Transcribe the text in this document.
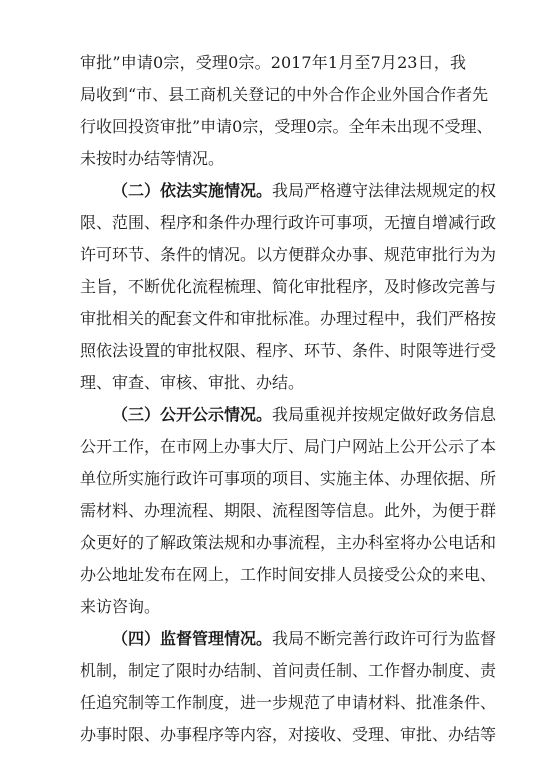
审批”申请0宗，受理0宗。2017年1月至7月23日，我
局收到“市、县工商机关登记的中外合作企业外国合作者先
行收回投资审批”申请0宗，受理0宗。全年未出现不受理、
未按时办结等情况。
（二）依法实施情况。我局严格遵守法律法规规定的权
限、范围、程序和条件办理行政许可事项，无擅自增减行政
许可环节、条件的情况。以方便群众办事、规范审批行为为
主旨，不断优化流程梳理、简化审批程序，及时修改完善与
审批相关的配套文件和审批标准。办理过程中，我们严格按
照依法设置的审批权限、程序、环节、条件、时限等进行受
理、审查、审核、审批、办结。
（三）公开公示情况。我局重视并按规定做好政务信息
公开工作，在市网上办事大厅、局门户网站上公开公示了本
单位所实施行政许可事项的项目、实施主体、办理依据、所
需材料、办理流程、期限、流程图等信息。此外，为便于群
众更好的了解政策法规和办事流程，主办科室将办公电话和
办公地址发布在网上，工作时间安排人员接受公众的来电、
来访咨询。
（四）监督管理情况。我局不断完善行政许可行为监督
机制，制定了限时办结制、首问责任制、工作督办制度、责
任追究制等工作制度，进一步规范了申请材料、批准条件、
办事时限、办事程序等内容，对接收、受理、审批、办结等
